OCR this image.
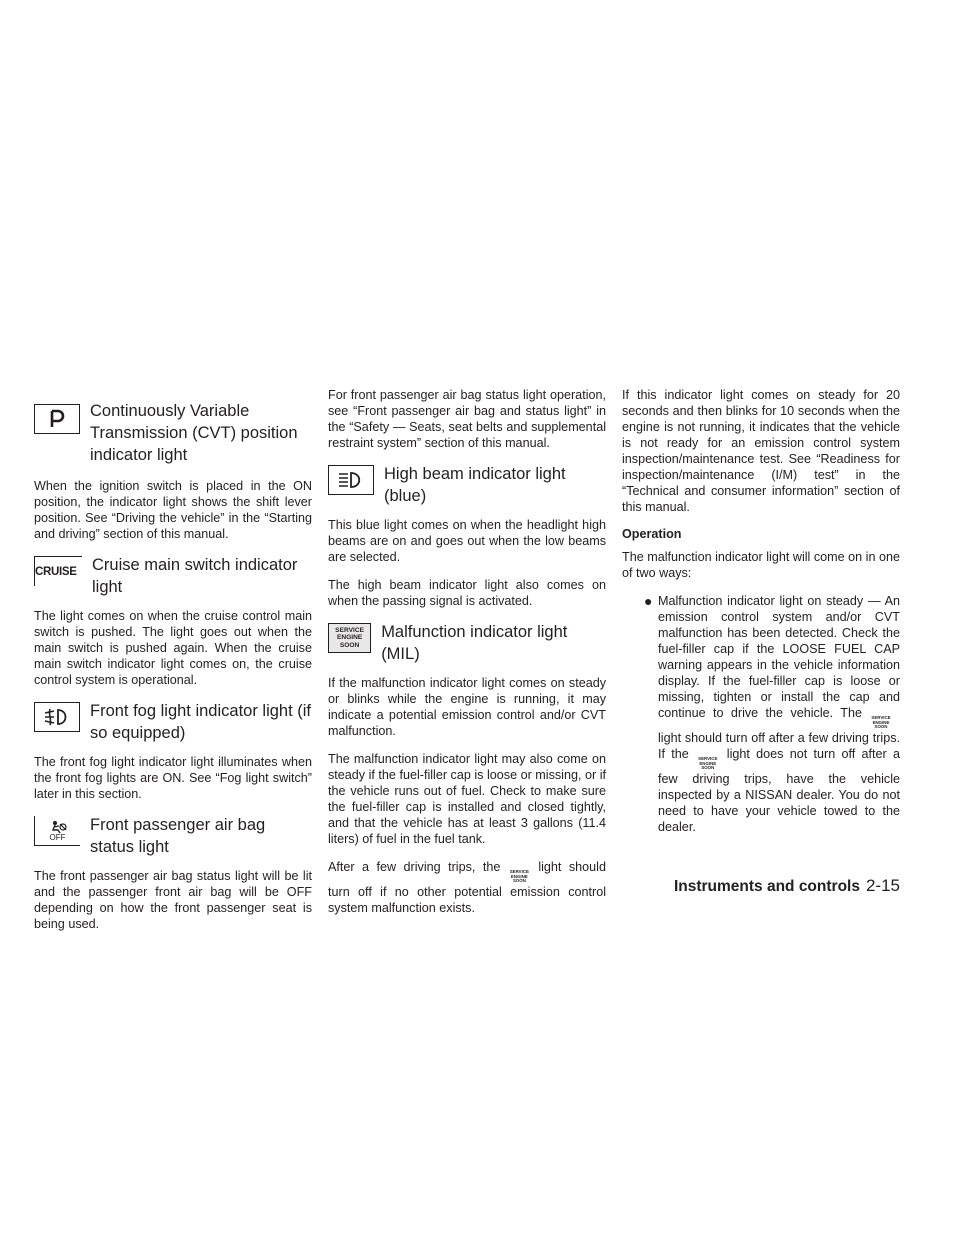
Continuously Variable Transmission (CVT) position indicator light

When the ignition switch is placed in the ON position, the indicator light shows the shift lever position. See “Driving the vehicle” in the “Starting and driving” section of this manual.

CRUISE Cruise main switch indicator light

The light comes on when the cruise control main switch is pushed. The light goes out when the main switch is pushed again. When the cruise main switch indicator light comes on, the cruise control system is operational.

Front fog light indicator light (if so equipped)

The front fog light indicator light illuminates when the front fog lights are ON. See “Fog light switch” later in this section.

OFF
Front passenger air bag status light

The front passenger air bag status light will be lit and the passenger front air bag will be OFF depending on how the front passenger seat is being used.

For front passenger air bag status light operation, see “Front passenger air bag and status light” in the “Safety — Seats, seat belts and supplemental restraint system” section of this manual.

High beam indicator light (blue)

This blue light comes on when the headlight high beams are on and goes out when the low beams are selected.

The high beam indicator light also comes on when the passing signal is activated.

SERVICE
ENGINE
SOON
Malfunction indicator light (MIL)

If the malfunction indicator light comes on steady or blinks while the engine is running, it may indicate a potential emission control and/or CVT malfunction.

The malfunction indicator light may also come on steady if the fuel-filler cap is loose or missing, or if the vehicle runs out of fuel. Check to make sure the fuel-filler cap is installed and closed tightly, and that the vehicle has at least 3 gallons (11.4 liters) of fuel in the fuel tank.

After a few driving trips, the	SERVICE
ENGINE
SOON
light should turn off if no other potential emission control system malfunction exists.

If this indicator light comes on steady for 20 seconds and then blinks for 10 seconds when the engine is not running, it indicates that the vehicle is not ready for an emission control system inspection/maintenance test. See “Readiness for inspection/maintenance (I/M) test” in the “Technical and consumer information” section of this manual.

Operation

The malfunction indicator light will come on in one of two ways:

● Malfunction indicator light on steady — An emission control system and/or CVT malfunction has been detected. Check the fuel-filler cap if the LOOSE FUEL CAP warning appears in the vehicle information display. If the fuel-filler cap is loose or missing, tighten or install the cap and continue to drive the vehicle. The	SERVICE
ENGINE
SOON
light should turn off after a few driving trips. If the	SERVICE
ENGINE
SOON
light does not turn off after a few driving trips, have the vehicle inspected by a NISSAN dealer. You do not need to have your vehicle towed to the dealer.

Instruments and controls 2-15
